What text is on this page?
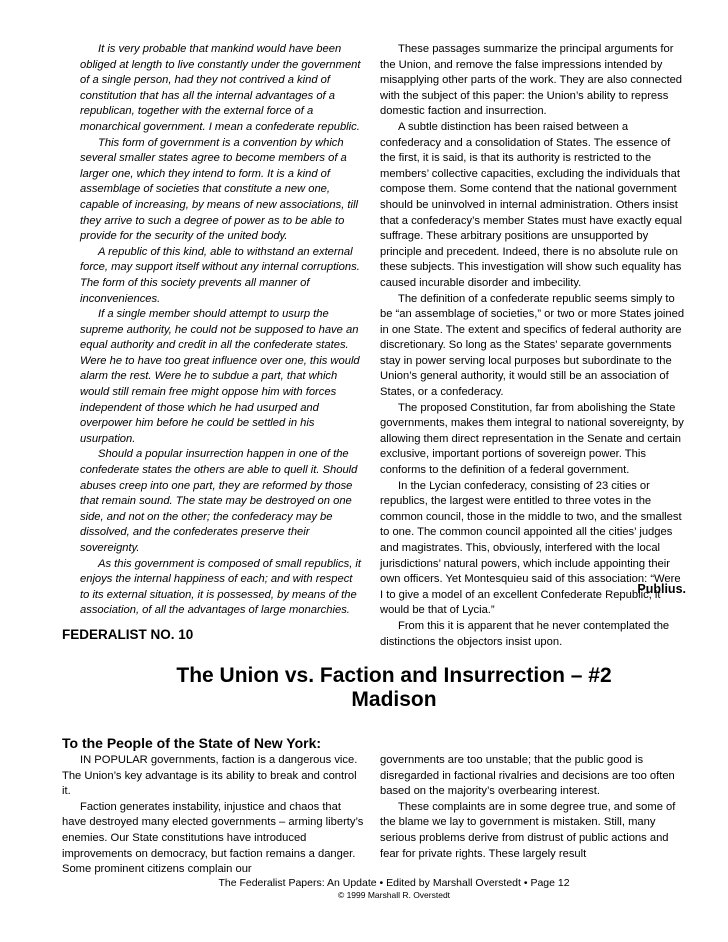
It is very probable that mankind would have been obliged at length to live constantly under the government of a single person, had they not contrived a kind of constitution that has all the internal advantages of a republican, together with the external force of a monarchical government. I mean a confederate republic.

This form of government is a convention by which several smaller states agree to become members of a larger one, which they intend to form. It is a kind of assemblage of societies that constitute a new one, capable of increasing, by means of new associations, till they arrive to such a degree of power as to be able to provide for the security of the united body.

A republic of this kind, able to withstand an external force, may support itself without any internal corruptions. The form of this society prevents all manner of inconveniences.

If a single member should attempt to usurp the supreme authority, he could not be supposed to have an equal authority and credit in all the confederate states. Were he to have too great influence over one, this would alarm the rest. Were he to subdue a part, that which would still remain free might oppose him with forces independent of those which he had usurped and overpower him before he could be settled in his usurpation.

Should a popular insurrection happen in one of the confederate states the others are able to quell it. Should abuses creep into one part, they are reformed by those that remain sound. The state may be destroyed on one side, and not on the other; the confederacy may be dissolved, and the confederates preserve their sovereignty.

As this government is composed of small republics, it enjoys the internal happiness of each; and with respect to its external situation, it is possessed, by means of the association, of all the advantages of large monarchies.

These passages summarize the principal arguments for the Union, and remove the false impressions intended by misapplying other parts of the work. They are also connected with the subject of this paper: the Union’s ability to repress domestic faction and insurrection.

A subtle distinction has been raised between a confederacy and a consolidation of States. The essence of the first, it is said, is that its authority is restricted to the members’ collective capacities, excluding the individuals that compose them. Some contend that the national government should be uninvolved in internal administration. Others insist that a confederacy’s member States must have exactly equal suffrage. These arbitrary positions are unsupported by principle and precedent. Indeed, there is no absolute rule on these subjects. This investigation will show such equality has caused incurable disorder and imbecility.

The definition of a confederate republic seems simply to be “an assemblage of societies,” or two or more States joined in one State. The extent and specifics of federal authority are discretionary. So long as the States’ separate governments stay in power serving local purposes but subordinate to the Union’s general authority, it would still be an association of States, or a confederacy.

The proposed Constitution, far from abolishing the State governments, makes them integral to national sovereignty, by allowing them direct representation in the Senate and certain exclusive, important portions of sovereign power. This conforms to the definition of a federal government.

In the Lycian confederacy, consisting of 23 cities or republics, the largest were entitled to three votes in the common council, those in the middle to two, and the smallest to one. The common council appointed all the cities’ judges and magistrates. This, obviously, interfered with the local jurisdictions’ natural powers, which include appointing their own officers. Yet Montesquieu said of this association: “Were I to give a model of an excellent Confederate Republic, it would be that of Lycia.”

From this it is apparent that he never contemplated the distinctions the objectors insist upon.

Publius.
FEDERALIST NO. 10
The Union vs. Faction and Insurrection – #2
Madison
To the People of the State of New York:

IN POPULAR governments, faction is a dangerous vice. The Union’s key advantage is its ability to break and control it.

Faction generates instability, injustice and chaos that have destroyed many elected governments – arming liberty’s enemies. Our State constitutions have introduced improvements on democracy, but faction remains a danger. Some prominent citizens complain our

governments are too unstable; that the public good is disregarded in factional rivalries and decisions are too often based on the majority’s overbearing interest.

These complaints are in some degree true, and some of the blame we lay to government is mistaken. Still, many serious problems derive from distrust of public actions and fear for private rights. These largely result

The Federalist Papers: An Update • Edited by Marshall Overstedt • Page 12
© 1999 Marshall R. Overstedt
